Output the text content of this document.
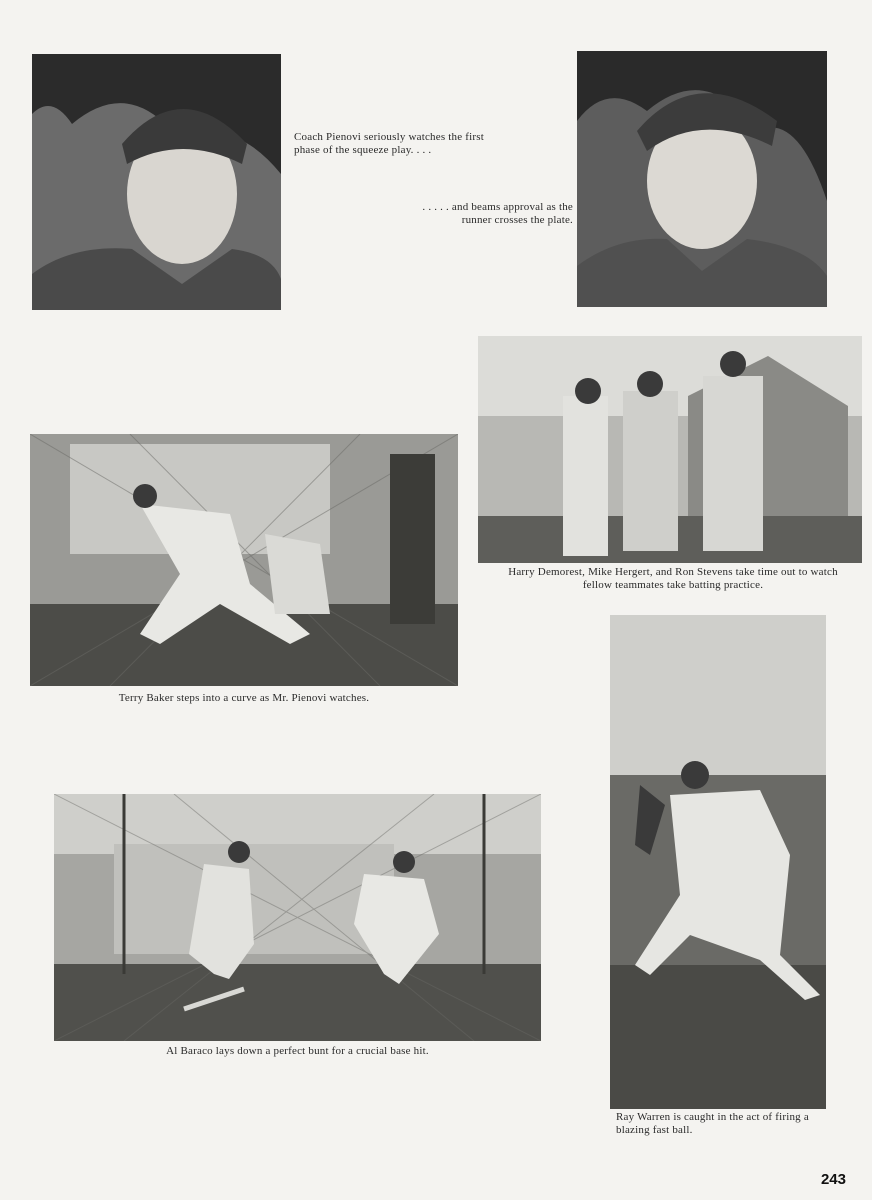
Coach Pienovi seriously watches the first phase of the squeeze play. . . .
. . . . . and beams approval as the runner crosses the plate.
Harry Demorest, Mike Hergert, and Ron Stevens take time out to watch fellow teammates take batting practice.
Terry Baker steps into a curve as Mr. Pienovi watches.
Ray Warren is caught in the act of firing a blazing fast ball.
Al Baraco lays down a perfect bunt for a crucial base hit.
243
